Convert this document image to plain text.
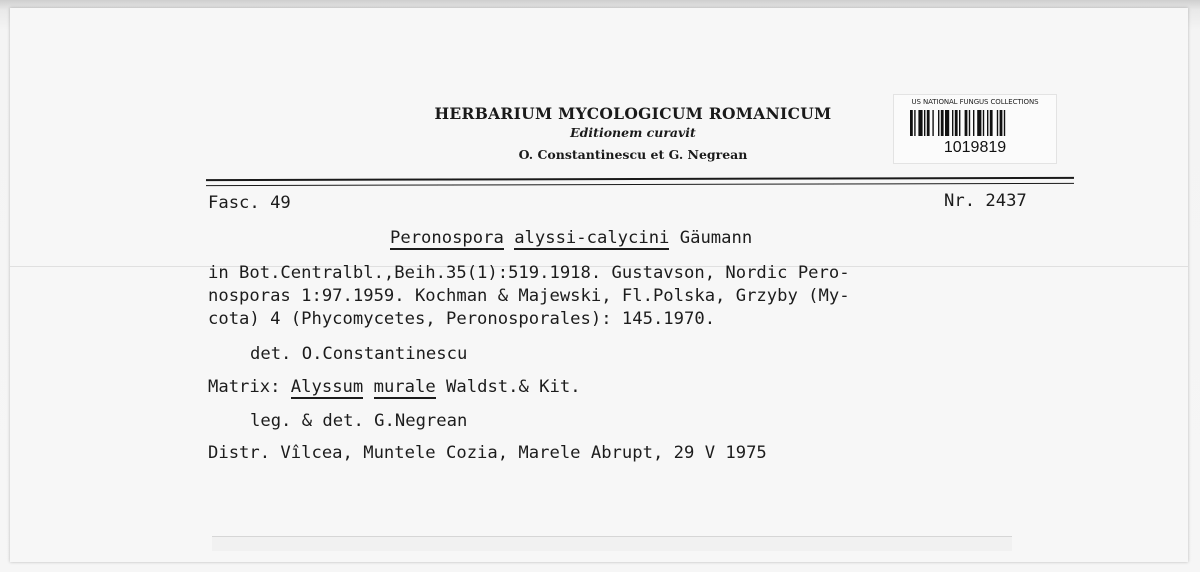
HERBARIUM MYCOLOGICUM ROMANICUM
Editionem curavit
O. Constantinescu et G. Negrean
US NATIONAL FUNGUS COLLECTIONS
1019819
Fasc. 49	Nr. 2437
Peronospora alyssi-calycini Gäumann
in Bot.Centralbl.,Beih.35(1):519.1918. Gustavson, Nordic Pero-
nosporas 1:97.1959. Kochman & Majewski, Fl.Polska, Grzyby (My-
cota) 4 (Phycomycetes, Peronosporales): 145.1970.
det. O.Constantinescu
Matrix: Alyssum murale Waldst.& Kit.
leg. & det. G.Negrean
Distr. Vîlcea, Muntele Cozia, Marele Abrupt, 29 V 1975
